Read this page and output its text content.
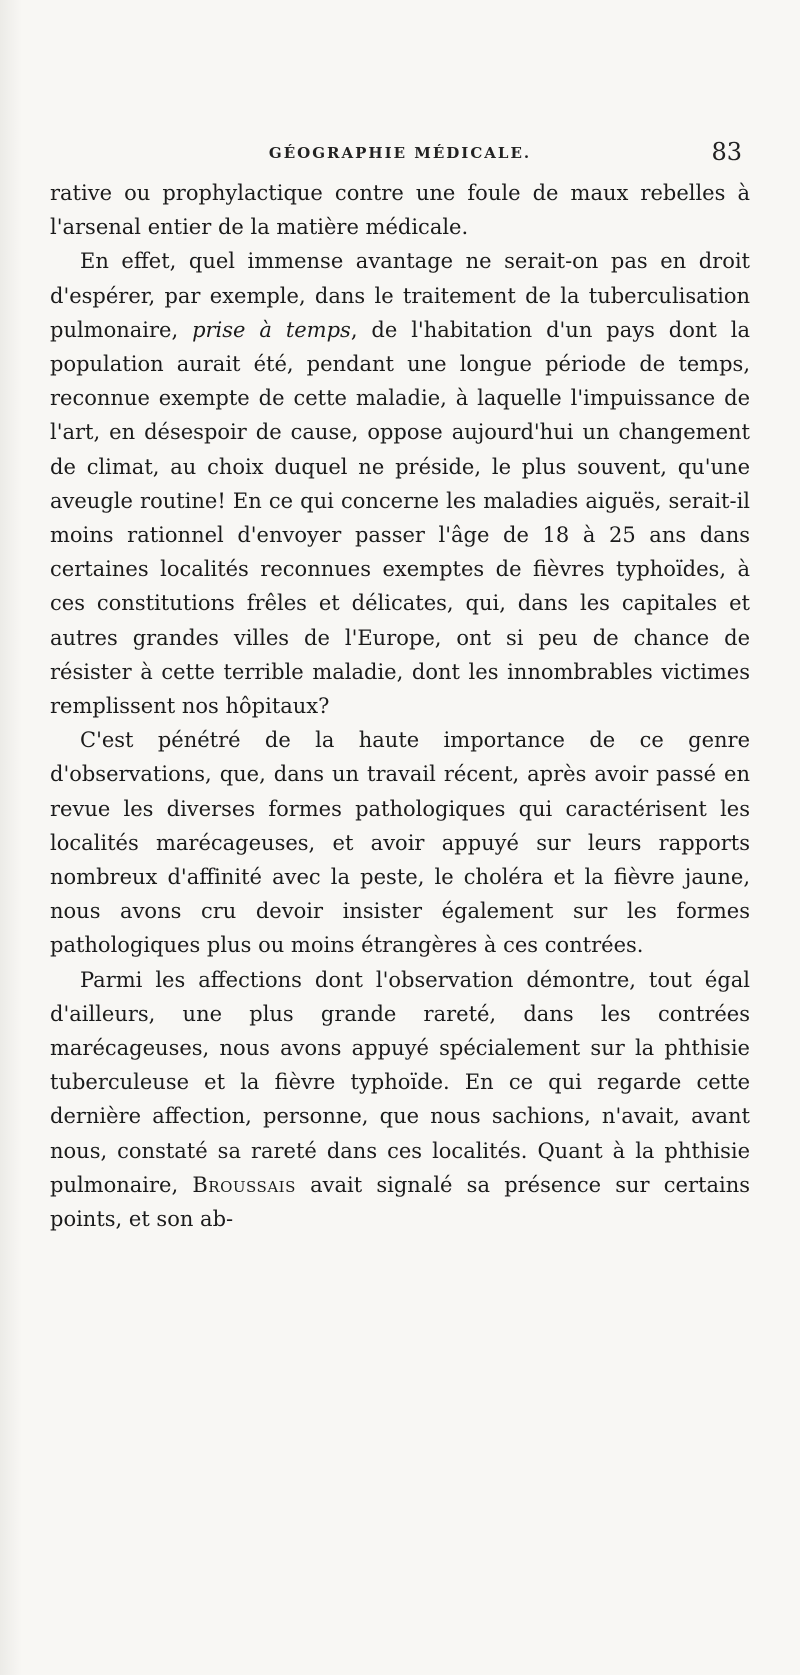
GÉOGRAPHIE MÉDICALE.	83

rative ou prophylactique contre une foule de maux rebelles à l'arsenal entier de la matière médicale.

En effet, quel immense avantage ne serait-on pas en droit d'espérer, par exemple, dans le traitement de la tuberculisation pulmonaire, prise à temps, de l'habitation d'un pays dont la population aurait été, pendant une longue période de temps, reconnue exempte de cette maladie, à laquelle l'impuissance de l'art, en désespoir de cause, oppose aujourd'hui un changement de climat, au choix duquel ne préside, le plus souvent, qu'une aveugle routine! En ce qui concerne les maladies aiguës, serait-il moins rationnel d'envoyer passer l'âge de 18 à 25 ans dans certaines localités reconnues exemptes de fièvres typhoïdes, à ces constitutions frêles et délicates, qui, dans les capitales et autres grandes villes de l'Europe, ont si peu de chance de résister à cette terrible maladie, dont les innombrables victimes remplissent nos hôpitaux?

C'est pénétré de la haute importance de ce genre d'observations, que, dans un travail récent, après avoir passé en revue les diverses formes pathologiques qui caractérisent les localités marécageuses, et avoir appuyé sur leurs rapports nombreux d'affinité avec la peste, le choléra et la fièvre jaune, nous avons cru devoir insister également sur les formes pathologiques plus ou moins étrangères à ces contrées.

Parmi les affections dont l'observation démontre, tout égal d'ailleurs, une plus grande rareté, dans les contrées marécageuses, nous avons appuyé spécialement sur la phthisie tuberculeuse et la fièvre typhoïde. En ce qui regarde cette dernière affection, personne, que nous sachions, n'avait, avant nous, constaté sa rareté dans ces localités. Quant à la phthisie pulmonaire, Broussais avait signalé sa présence sur certains points, et son ab-
